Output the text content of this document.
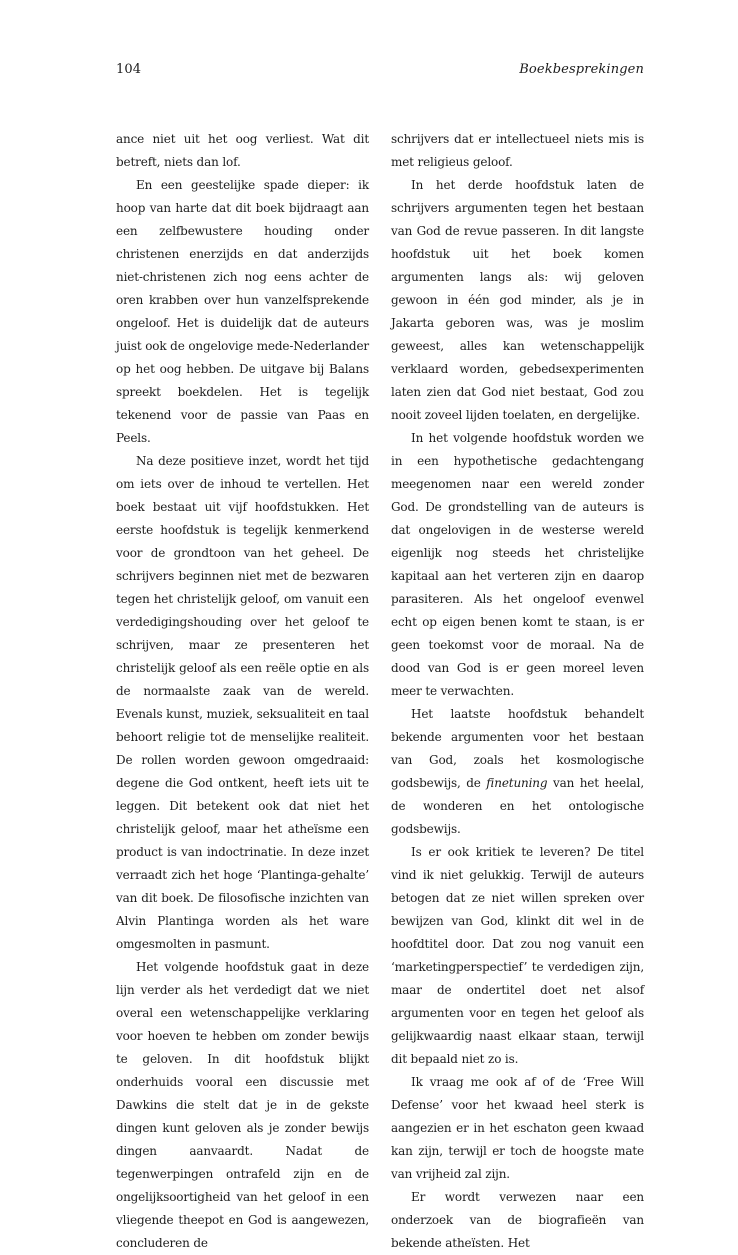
104	Boekbesprekingen

ance niet uit het oog verliest. Wat dit betreft, niets dan lof.

En een geestelijke spade dieper: ik hoop van harte dat dit boek bijdraagt aan een zelfbewustere houding onder christenen enerzijds en dat anderzijds niet-christenen zich nog eens achter de oren krabben over hun vanzelfsprekende ongeloof. Het is duidelijk dat de auteurs juist ook de ongelovige mede-Nederlander op het oog hebben. De uitgave bij Balans spreekt boekdelen. Het is tegelijk tekenend voor de passie van Paas en Peels.

Na deze positieve inzet, wordt het tijd om iets over de inhoud te vertellen. Het boek bestaat uit vijf hoofdstukken. Het eerste hoofdstuk is tegelijk kenmerkend voor de grondtoon van het geheel. De schrijvers beginnen niet met de bezwaren tegen het christelijk geloof, om vanuit een verdedigingshouding over het geloof te schrijven, maar ze presenteren het christelijk geloof als een reële optie en als de normaalste zaak van de wereld. Evenals kunst, muziek, seksualiteit en taal behoort religie tot de menselijke realiteit. De rollen worden gewoon omgedraaid: degene die God ontkent, heeft iets uit te leggen. Dit betekent ook dat niet het christelijk geloof, maar het atheïsme een product is van indoctrinatie. In deze inzet verraadt zich het hoge ‘Plantinga-gehalte’ van dit boek. De filosofische inzichten van Alvin Plantinga worden als het ware omgesmolten in pasmunt.

Het volgende hoofdstuk gaat in deze lijn verder als het verdedigt dat we niet overal een wetenschappelijke verklaring voor hoeven te hebben om zonder bewijs te geloven. In dit hoofdstuk blijkt onderhuids vooral een discussie met Dawkins die stelt dat je in de gekste dingen kunt geloven als je zonder bewijs dingen aanvaardt. Nadat de tegenwerpingen ontrafeld zijn en de ongelijksoortigheid van het geloof in een vliegende theepot en God is aangewezen, concluderen de

schrijvers dat er intellectueel niets mis is met religieus geloof.

In het derde hoofdstuk laten de schrijvers argumenten tegen het bestaan van God de revue passeren. In dit langste hoofdstuk uit het boek komen argumenten langs als: wij geloven gewoon in één god minder, als je in Jakarta geboren was, was je moslim geweest, alles kan wetenschappelijk verklaard worden, gebedsexperimenten laten zien dat God niet bestaat, God zou nooit zoveel lijden toelaten, en dergelijke.

In het volgende hoofdstuk worden we in een hypothetische gedachtengang meegenomen naar een wereld zonder God. De grondstelling van de auteurs is dat ongelovigen in de westerse wereld eigenlijk nog steeds het christelijke kapitaal aan het verteren zijn en daarop parasiteren. Als het ongeloof evenwel echt op eigen benen komt te staan, is er geen toekomst voor de moraal. Na de dood van God is er geen moreel leven meer te verwachten.

Het laatste hoofdstuk behandelt bekende argumenten voor het bestaan van God, zoals het kosmologische godsbewijs, de finetuning van het heelal, de wonderen en het ontologische godsbewijs.

Is er ook kritiek te leveren? De titel vind ik niet gelukkig. Terwijl de auteurs betogen dat ze niet willen spreken over bewijzen van God, klinkt dit wel in de hoofdtitel door. Dat zou nog vanuit een ‘marketingperspectief’ te verdedigen zijn, maar de ondertitel doet net alsof argumenten voor en tegen het geloof als gelijkwaardig naast elkaar staan, terwijl dit bepaald niet zo is.

Ik vraag me ook af of de ‘Free Will Defense’ voor het kwaad heel sterk is aangezien er in het eschaton geen kwaad kan zijn, terwijl er toch de hoogste mate van vrijheid zal zijn.

Er wordt verwezen naar een onderzoek van de biografieën van bekende atheïsten. Het
